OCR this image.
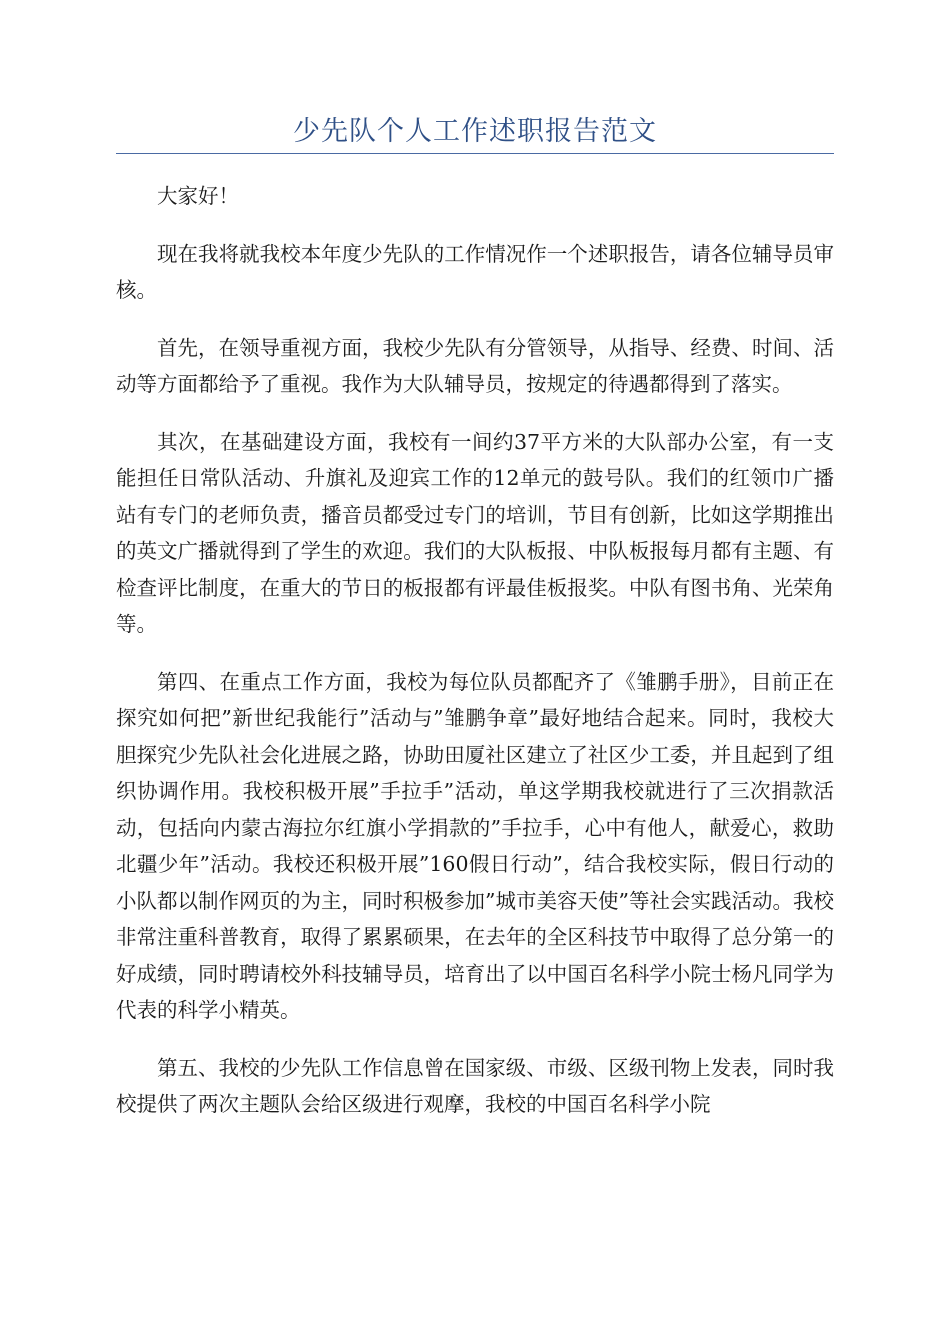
少先队个人工作述职报告范文

大家好！

现在我将就我校本年度少先队的工作情况作一个述职报告，请各位辅导员审核。

首先，在领导重视方面，我校少先队有分管领导，从指导、经费、时间、活动等方面都给予了重视。我作为大队辅导员，按规定的待遇都得到了落实。

其次，在基础建设方面，我校有一间约37平方米的大队部办公室，有一支能担任日常队活动、升旗礼及迎宾工作的12单元的鼓号队。我们的红领巾广播站有专门的老师负责，播音员都受过专门的培训，节目有创新，比如这学期推出的英文广播就得到了学生的欢迎。我们的大队板报、中队板报每月都有主题、有检查评比制度，在重大的节日的板报都有评最佳板报奖。中队有图书角、光荣角等。

第四、在重点工作方面，我校为每位队员都配齐了《雏鹏手册》，目前正在探究如何把”新世纪我能行”活动与”雏鹏争章”最好地结合起来。同时，我校大胆探究少先队社会化进展之路，协助田厦社区建立了社区少工委，并且起到了组织协调作用。我校积极开展”手拉手”活动，单这学期我校就进行了三次捐款活动，包括向内蒙古海拉尔红旗小学捐款的”手拉手，心中有他人，献爱心，救助北疆少年”活动。我校还积极开展”160假日行动”，结合我校实际，假日行动的小队都以制作网页的为主，同时积极参加”城市美容天使”等社会实践活动。我校非常注重科普教育，取得了累累硕果，在去年的全区科技节中取得了总分第一的好成绩，同时聘请校外科技辅导员，培育出了以中国百名科学小院士杨凡同学为代表的科学小精英。

第五、我校的少先队工作信息曾在国家级、市级、区级刊物上发表，同时我校提供了两次主题队会给区级进行观摩，我校的中国百名科学小院
